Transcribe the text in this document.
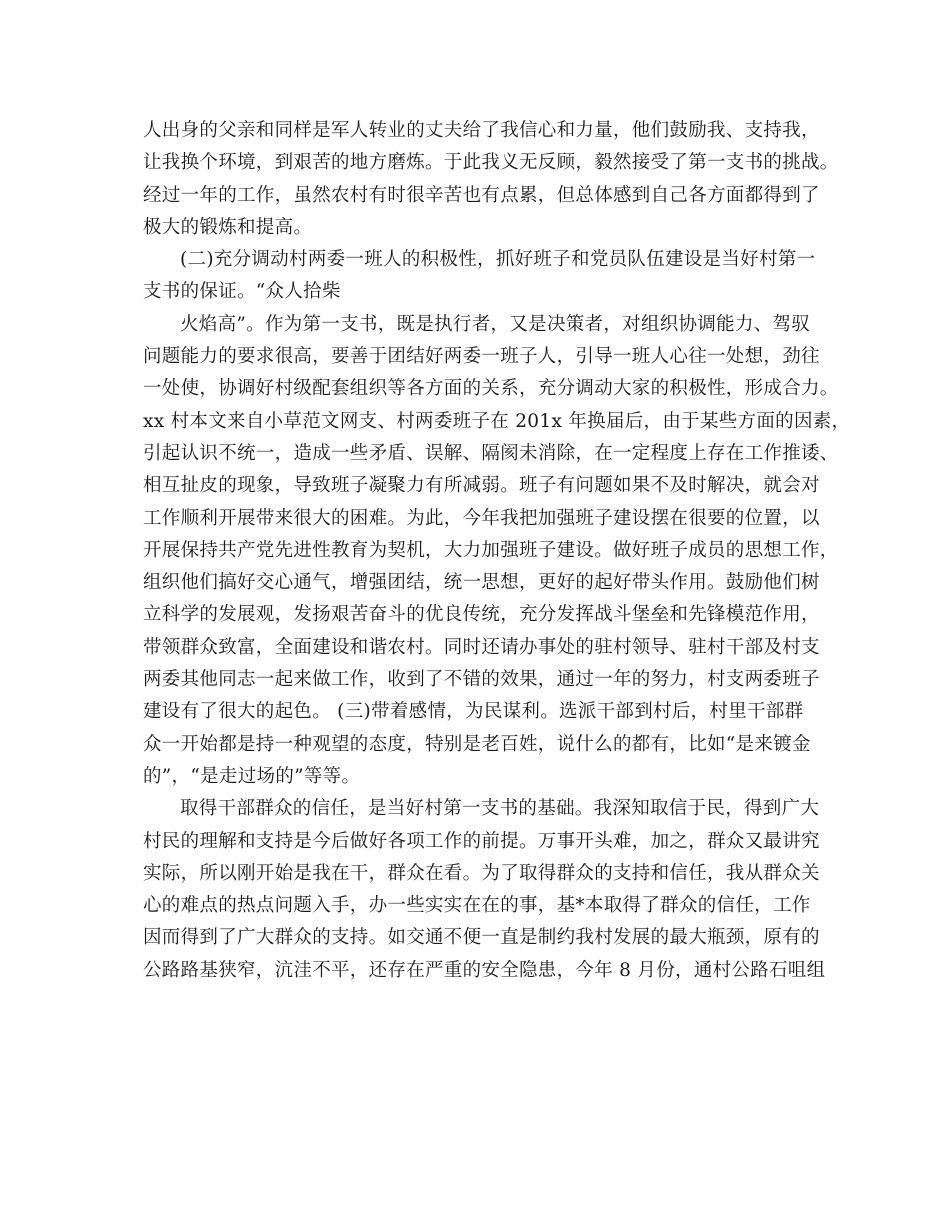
人出身的父亲和同样是军人转业的丈夫给了我信心和力量，他们鼓励我、支持我，
让我换个环境，到艰苦的地方磨炼。于此我义无反顾，毅然接受了第一支书的挑战。
经过一年的工作，虽然农村有时很辛苦也有点累，但总体感到自己各方面都得到了
极大的锻炼和提高。
(二)充分调动村两委一班人的积极性，抓好班子和党员队伍建设是当好村第一
支书的保证。“众人拾柴
火焰高”。作为第一支书，既是执行者，又是决策者，对组织协调能力、驾驭
问题能力的要求很高，要善于团结好两委一班子人，引导一班人心往一处想，劲往
一处使，协调好村级配套组织等各方面的关系，充分调动大家的积极性，形成合力。
xx 村本文来自小草范文网支、村两委班子在 201x 年换届后，由于某些方面的因素，
引起认识不统一，造成一些矛盾、误解、隔阂未消除，在一定程度上存在工作推诿、
相互扯皮的现象，导致班子凝聚力有所减弱。班子有问题如果不及时解决，就会对
工作顺利开展带来很大的困难。为此，今年我把加强班子建设摆在很要的位置，以
开展保持共产党先进性教育为契机，大力加强班子建设。做好班子成员的思想工作，
组织他们搞好交心通气，增强团结，统一思想，更好的起好带头作用。鼓励他们树
立科学的发展观，发扬艰苦奋斗的优良传统，充分发挥战斗堡垒和先锋模范作用，
带领群众致富，全面建设和谐农村。同时还请办事处的驻村领导、驻村干部及村支
两委其他同志一起来做工作，收到了不错的效果，通过一年的努力，村支两委班子
建设有了很大的起色。 (三)带着感情，为民谋利。选派干部到村后，村里干部群
众一开始都是持一种观望的态度，特别是老百姓，说什么的都有，比如“是来镀金
的”，“是走过场的”等等。
取得干部群众的信任，是当好村第一支书的基础。我深知取信于民，得到广大
村民的理解和支持是今后做好各项工作的前提。万事开头难，加之，群众又最讲究
实际，所以刚开始是我在干，群众在看。为了取得群众的支持和信任，我从群众关
心的难点的热点问题入手，办一些实实在在的事，基*本取得了群众的信任，工作
因而得到了广大群众的支持。如交通不便一直是制约我村发展的最大瓶颈，原有的
公路路基狭窄，沆洼不平，还存在严重的安全隐患，今年 8 月份，通村公路石咀组
